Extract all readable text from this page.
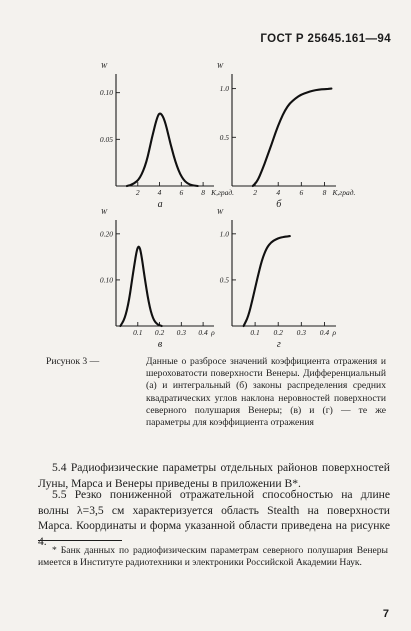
ГОСТ Р 25645.161—94
0.05
0.10
2 4 6 8
W
К,град.
а
0.5
1.0
2	4	6	8
W
К,град.
б
0.10
0.20
0.1 0.2 0.3 0.4
W
ρ
в
0.5
1.0
0.1 0.2 0.3 0.4
W
ρ
г
Рисунок 3 —	Данные о разбросе значений коэффициента отражения и шероховатости поверхности Венеры. Дифференциальный (а) и интегральный (б) законы распределения средних квадратических углов наклона неровностей поверхности северного полушария Венеры; (в) и (г) — те же параметры для коэффициента отражения

5.4 Радиофизические параметры отдельных районов поверхностей Луны, Марса и Венеры приведены в приложении В*.

5.5 Резко пониженной отражательной способностью на длине волны λ=3,5 см характеризуется область Stealth на поверхности Марса. Координаты и форма указанной области приведена на рисунке 4.

* Банк данных по радиофизическим параметрам северного полушария Венеры имеется в Институте радиотехники и электроники Российской Академии Наук.
7
